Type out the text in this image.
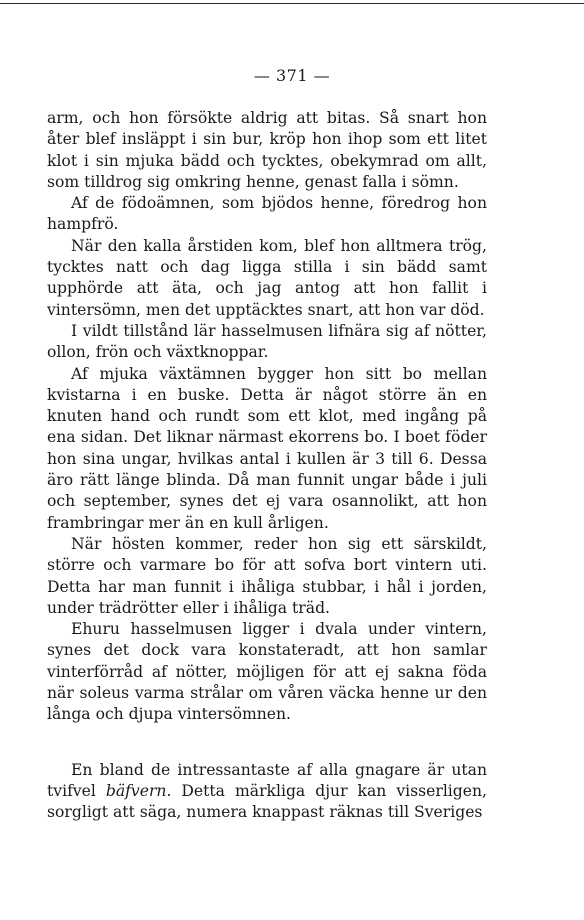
— 371 —

arm, och hon försökte aldrig att bitas. Så snart hon åter blef insläppt i sin bur, kröp hon ihop som ett litet klot i sin mjuka bädd och tycktes, obekymrad om allt, som tilldrog sig omkring henne, genast falla i sömn.

Af de födoämnen, som bjödos henne, föredrog hon hampfrö.

När den kalla årstiden kom, blef hon alltmera trög, tycktes natt och dag ligga stilla i sin bädd samt upphörde att äta, och jag antog att hon fallit i vintersömn, men det upptäcktes snart, att hon var död.

I vildt tillstånd lär hasselmusen lifnära sig af nötter, ollon, frön och växtknoppar.

Af mjuka växtämnen bygger hon sitt bo mellan kvistarna i en buske. Detta är något större än en knuten hand och rundt som ett klot, med ingång på ena sidan. Det liknar närmast ekorrens bo. I boet föder hon sina ungar, hvilkas antal i kullen är 3 till 6. Dessa äro rätt länge blinda. Då man funnit ungar både i juli och september, synes det ej vara osannolikt, att hon frambringar mer än en kull årligen.

När hösten kommer, reder hon sig ett särskildt, större och varmare bo för att sofva bort vintern uti. Detta har man funnit i ihåliga stubbar, i hål i jorden, under trädrötter eller i ihåliga träd.

Ehuru hasselmusen ligger i dvala under vintern, synes det dock vara konstateradt, att hon samlar vinterförråd af nötter, möjligen för att ej sakna föda när soleus varma strålar om våren väcka henne ur den långa och djupa vintersömnen.

En bland de intressantaste af alla gnagare är utan tvifvel bäfvern. Detta märkliga djur kan visserligen, sorgligt att säga, numera knappast räknas till Sveriges
